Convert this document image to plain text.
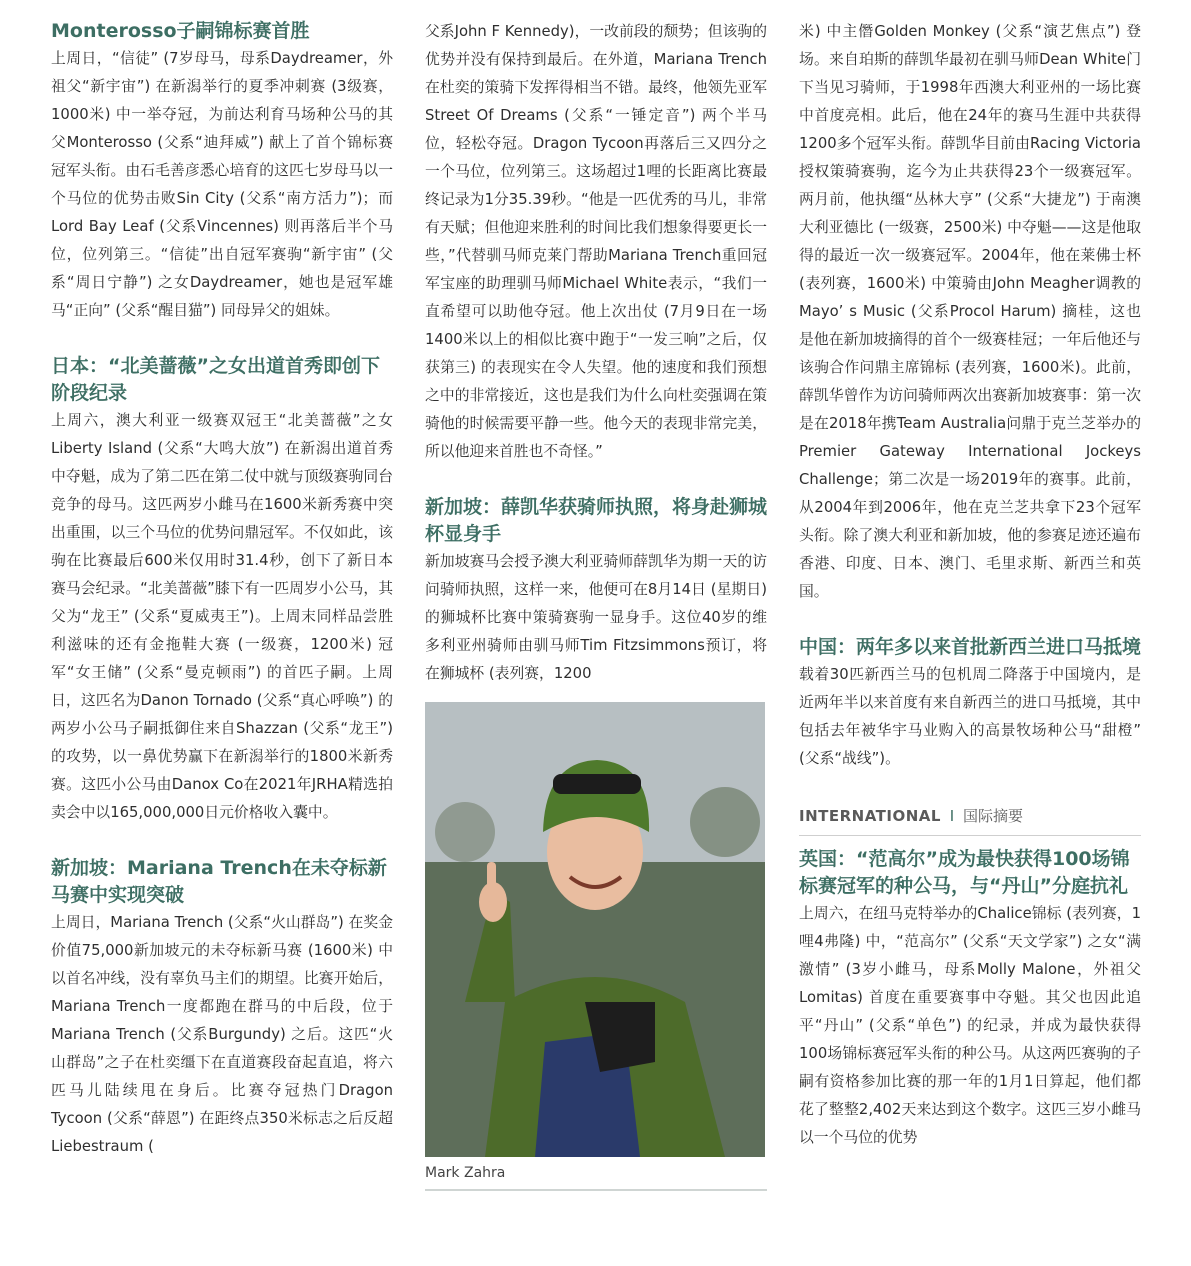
Monterosso子嗣锦标赛首胜

上周日，“信徒” (7岁母马，母系Daydreamer，外祖父“新宇宙”) 在新潟举行的夏季冲刺赛 (3级赛，1000米) 中一举夺冠，为前达利育马场种公马的其父Monterosso (父系“迪拜威”) 献上了首个锦标赛冠军头衔。由石毛善彦悉心培育的这匹七岁母马以一个马位的优势击败Sin City (父系“南方活力”)；而Lord Bay Leaf (父系Vincennes) 则再落后半个马位，位列第三。“信徒”出自冠军赛驹“新宇宙” (父系“周日宁静”) 之女Daydreamer，她也是冠军雄马“正向” (父系“醒目猫”) 同母异父的姐妹。

日本：“北美蔷薇”之女出道首秀即创下阶段纪录

上周六，澳大利亚一级赛双冠王“北美蔷薇”之女Liberty Island (父系“大鸣大放”) 在新潟出道首秀中夺魁，成为了第二匹在第二仗中就与顶级赛驹同台竞争的母马。这匹两岁小雌马在1600米新秀赛中突出重围，以三个马位的优势问鼎冠军。不仅如此，该驹在比赛最后600米仅用时31.4秒，创下了新日本赛马会纪录。“北美蔷薇”膝下有一匹周岁小公马，其父为“龙王” (父系“夏威夷王”)。上周末同样品尝胜利滋味的还有金拖鞋大赛 (一级赛，1200米) 冠军“女王储” (父系“曼克顿雨”) 的首匹子嗣。上周日，这匹名为Danon Tornado (父系“真心呼唤”) 的两岁小公马子嗣抵御住来自Shazzan (父系“龙王”) 的攻势，以一鼻优势赢下在新潟举行的1800米新秀赛。这匹小公马由Danox Co在2021年JRHA精选拍卖会中以165,000,000日元价格收入囊中。

新加坡：Mariana Trench在未夺标新马赛中实现突破

上周日，Mariana Trench (父系“火山群岛”) 在奖金价值75,000新加坡元的未夺标新马赛 (1600米) 中以首名冲线，没有辜负马主们的期望。比赛开始后，Mariana Trench一度都跑在群马的中后段，位于Mariana Trench (父系Burgundy) 之后。这匹“火山群岛”之子在杜奕缰下在直道赛段奋起直追，将六匹马儿陆续甩在身后。比赛夺冠热门Dragon Tycoon (父系“薛恩”) 在距终点350米标志之后反超Liebestraum (

父系John F Kennedy)，一改前段的颓势；但该驹的优势并没有保持到最后。在外道，Mariana Trench在杜奕的策骑下发挥得相当不错。最终，他领先亚军 Street Of Dreams (父系“一锤定音”) 两个半马位，轻松夺冠。Dragon Tycoon再落后三又四分之一个马位，位列第三。这场超过1哩的长距离比赛最终记录为1分35.39秒。“他是一匹优秀的马儿，非常有天赋；但他迎来胜利的时间比我们想象得要更长一些，”代替驯马师克莱门帮助Mariana Trench重回冠军宝座的助理驯马师Michael White表示，“我们一直希望可以助他夺冠。他上次出仗 (7月9日在一场1400米以上的相似比赛中跑于“一发三响”之后，仅获第三) 的表现实在令人失望。他的速度和我们预想之中的非常接近，这也是我们为什么向杜奕强调在策骑他的时候需要平静一些。他今天的表现非常完美，所以他迎来首胜也不奇怪。”

新加坡：薛凯华获骑师执照，将身赴狮城杯显身手

新加坡赛马会授予澳大利亚骑师薛凯华为期一天的访问骑师执照，这样一来，他便可在8月14日 (星期日) 的狮城杯比赛中策骑赛驹一显身手。这位40岁的维多利亚州骑师由驯马师Tim Fitzsimmons预订，将在狮城杯 (表列赛，1200

Mark Zahra

米) 中主僭Golden Monkey (父系“演艺焦点”) 登场。来自珀斯的薛凯华最初在驯马师Dean White门下当见习骑师，于1998年西澳大利亚州的一场比赛中首度亮相。此后，他在24年的赛马生涯中共获得1200多个冠军头衔。薛凯华目前由Racing Victoria授权策骑赛驹，迄今为止共获得23个一级赛冠军。两月前，他执缰“丛林大亨” (父系“大捷龙”) 于南澳大利亚德比 (一级赛，2500米) 中夺魁——这是他取得的最近一次一级赛冠军。2004年，他在莱佛士杯 (表列赛，1600米) 中策骑由John Meagher调教的Mayo’ s Music (父系Procol Harum) 摘桂，这也是他在新加坡摘得的首个一级赛桂冠；一年后他还与该驹合作问鼎主席锦标 (表列赛，1600米)。此前，薛凯华曾作为访问骑师两次出赛新加坡赛事：第一次是在2018年携Team Australia问鼎于克兰芝举办的Premier Gateway International Jockeys Challenge；第二次是一场2019年的赛事。此前，从2004年到2006年，他在克兰芝共拿下23个冠军头衔。除了澳大利亚和新加坡，他的参赛足迹还遍布香港、印度、日本、澳门、毛里求斯、新西兰和英国。

中国：两年多以来首批新西兰进口马抵境

载着30匹新西兰马的包机周二降落于中国境内，是近两年半以来首度有来自新西兰的进口马抵境，其中包括去年被华宇马业购入的高景牧场种公马“甜橙” (父系“战线”)。

INTERNATIONAL I 国际摘要
英国：“范高尔”成为最快获得100场锦标赛冠军的种公马，与“丹山”分庭抗礼

上周六，在纽马克特举办的Chalice锦标 (表列赛，1哩4弗隆) 中，“范高尔” (父系“天文学家”) 之女“满激情” (3岁小雌马，母系Molly Malone，外祖父Lomitas) 首度在重要赛事中夺魁。其父也因此追平“丹山” (父系“单色”) 的纪录，并成为最快获得100场锦标赛冠军头衔的种公马。从这两匹赛驹的子嗣有资格参加比赛的那一年的1月1日算起，他们都花了整整2,402天来达到这个数字。这匹三岁小雌马以一个马位的优势
